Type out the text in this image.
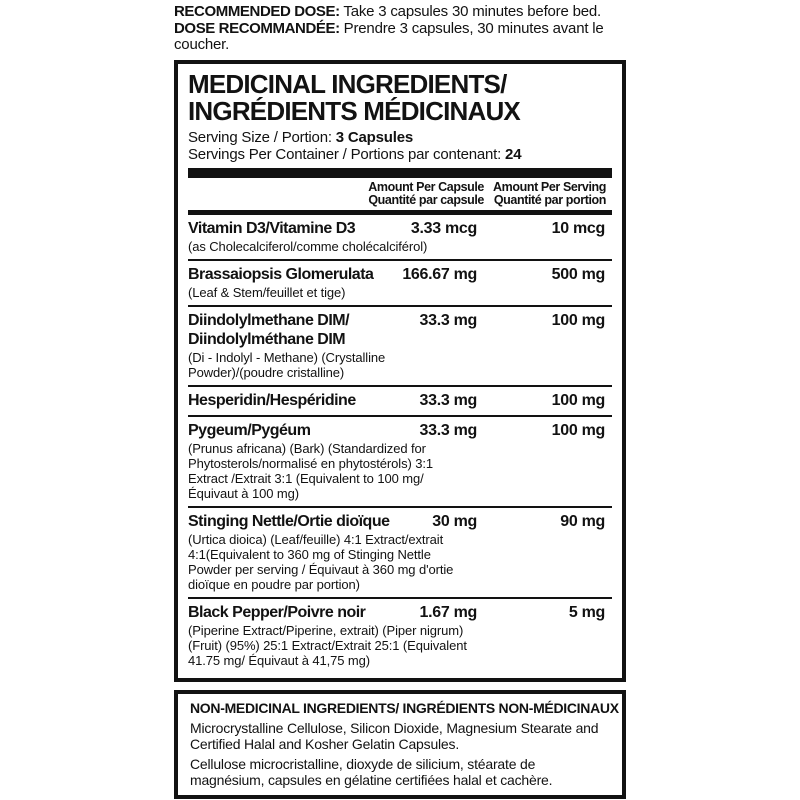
RECOMMENDED DOSE: Take 3 capsules 30 minutes before bed.
DOSE RECOMMANDÉE: Prendre 3 capsules, 30 minutes avant le coucher.
MEDICINAL INGREDIENTS/
INGRÉDIENTS MÉDICINAUX
Serving Size / Portion: 3 Capsules
Servings Per Container / Portions par contenant: 24
Amount Per Capsule
Quantité par capsule
Amount Per Serving
Quantité par portion
Vitamin D3/Vitamine D3	3.33 mcg	10 mcg
(as Cholecalciferol/comme cholécalciférol)
Brassaiopsis Glomerulata	166.67 mg	500 mg
(Leaf & Stem/feuillet et tige)
Diindolylmethane DIM/
Diindolylméthane DIM
33.3 mg	100 mg
(Di - Indolyl - Methane) (Crystalline Powder)/(poudre cristalline)
Hesperidin/Hespéridine	33.3 mg	100 mg
Pygeum/Pygéum	33.3 mg	100 mg
(Prunus africana) (Bark) (Standardized for Phytosterols/normalisé en phytostérols) 3:1 Extract /Extrait 3:1 (Equivalent to 100 mg/Équivaut à 100 mg)
Stinging Nettle/Ortie dioïque	30 mg	90 mg
(Urtica dioica) (Leaf/feuille) 4:1 Extract/extrait 4:1(Equivalent to 360 mg of Stinging Nettle Powder per serving / Équivaut à 360 mg d'ortie dioïque en poudre par portion)
Black Pepper/Poivre noir	1.67 mg	5 mg
(Piperine Extract/Piperine, extrait) (Piper nigrum) (Fruit) (95%) 25:1 Extract/Extrait 25:1 (Equivalent 41.75 mg/ Équivaut à 41,75 mg)
NON-MEDICINAL INGREDIENTS/ INGRÉDIENTS NON-MÉDICINAUX
Microcrystalline Cellulose, Silicon Dioxide, Magnesium Stearate and Certified Halal and Kosher Gelatin Capsules.
Cellulose microcristalline, dioxyde de silicium, stéarate de magnésium, capsules en gélatine certifiées halal et cachère.
